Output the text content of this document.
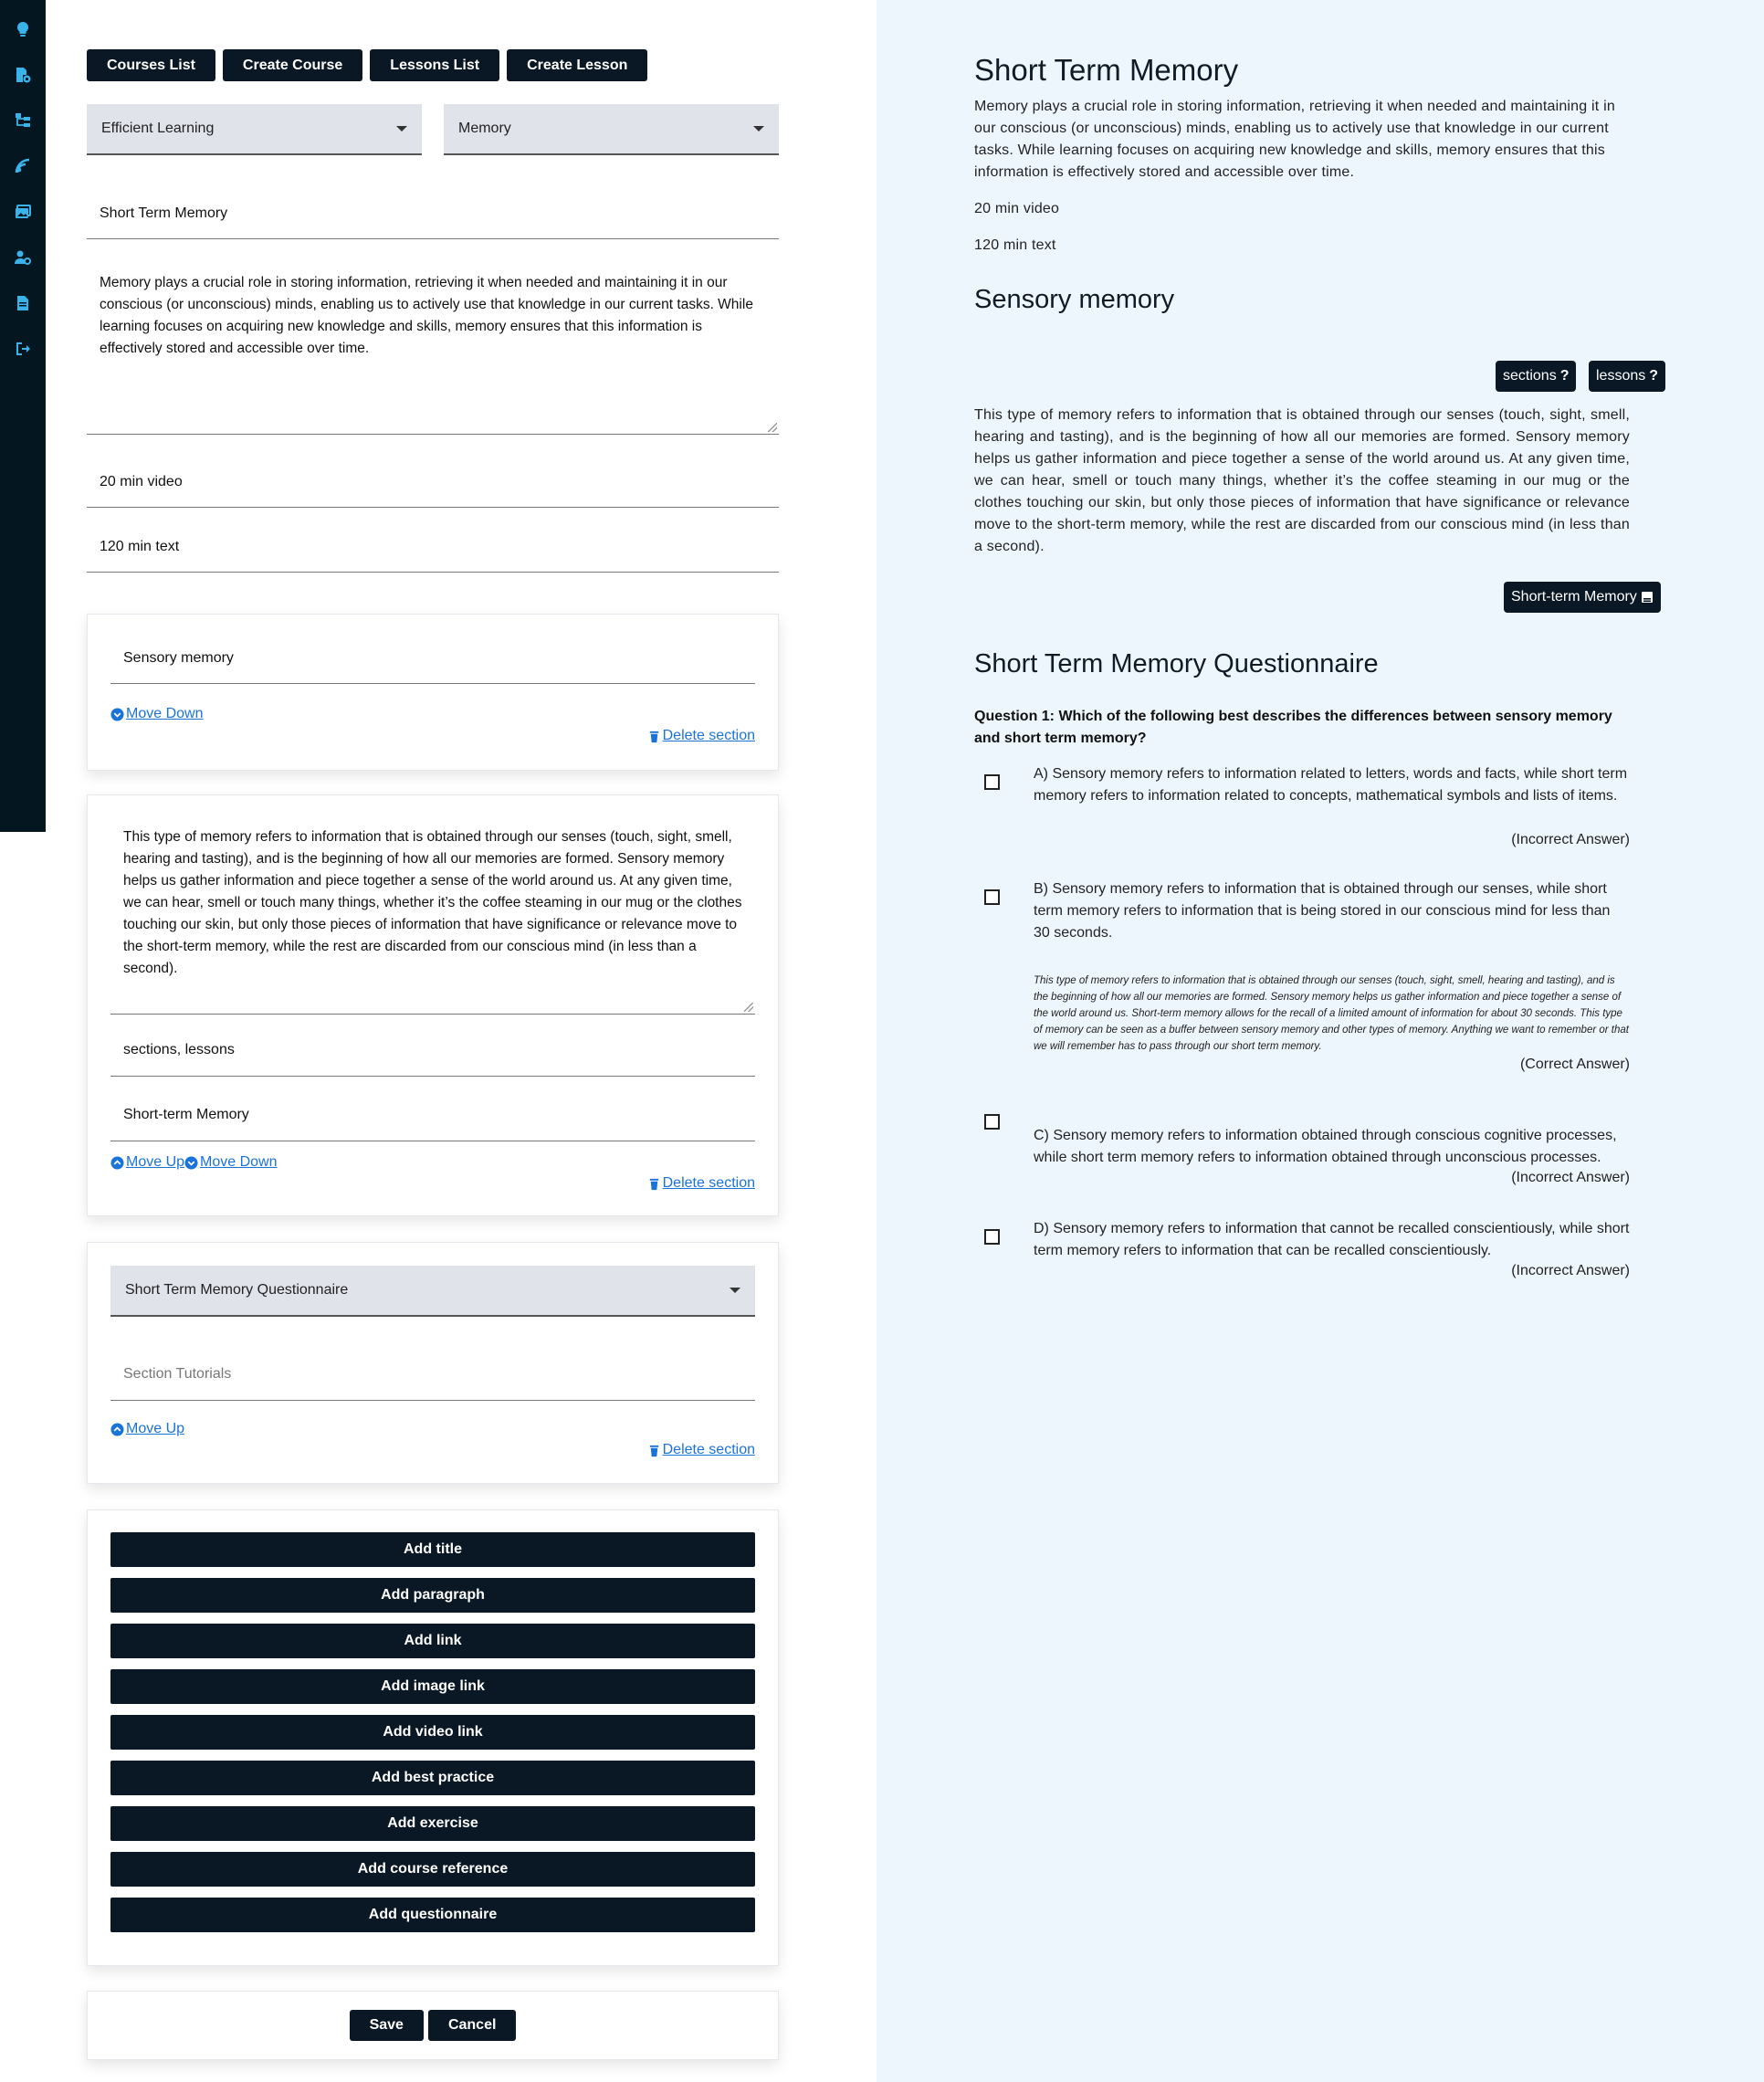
Courses List	Create Course	Lessons List	Create Lesson
Efficient Learning	Memory
Short Term Memory
Memory plays a crucial role in storing information, retrieving it when needed and maintaining it in our conscious (or unconscious) minds, enabling us to actively use that knowledge in our current tasks. While learning focuses on acquiring new knowledge and skills, memory ensures that this information is effectively stored and accessible over time.
20 min video
120 min text
Sensory memory
Move Down
Delete section
This type of memory refers to information that is obtained through our senses (touch, sight, smell, hearing and tasting), and is the beginning of how all our memories are formed. Sensory memory helps us gather information and piece together a sense of the world around us. At any given time, we can hear, smell or touch many things, whether it’s the coffee steaming in our mug or the clothes touching our skin, but only those pieces of information that have significance or relevance move to the short-term memory, while the rest are discarded from our conscious mind (in less than a second).
sections, lessons
Short-term Memory
Move Up Move Down
Delete section
Short Term Memory Questionnaire
Section Tutorials
Move Up
Delete section
Add title
Add paragraph
Add link
Add image link
Add video link
Add best practice
Add exercise
Add course reference
Add questionnaire
Save	Cancel
Short Term Memory

Memory plays a crucial role in storing information, retrieving it when needed and maintaining it in our conscious (or unconscious) minds, enabling us to actively use that knowledge in our current tasks. While learning focuses on acquiring new knowledge and skills, memory ensures that this information is effectively stored and accessible over time.

20 min video

120 min text

Sensory memory
sections ? lessons ?

This type of memory refers to information that is obtained through our senses (touch, sight, smell, hearing and tasting), and is the beginning of how all our memories are formed. Sensory memory helps us gather information and piece together a sense of the world around us. At any given time, we can hear, smell or touch many things, whether it’s the coffee steaming in our mug or the clothes touching our skin, but only those pieces of information that have significance or relevance move to the short-term memory, while the rest are discarded from our conscious mind (in less than a second).

Short-term Memory
Short Term Memory Questionnaire

Question 1: Which of the following best describes the differences between sensory memory and short term memory?

A) Sensory memory refers to information related to letters, words and facts, while short term memory refers to information related to concepts, mathematical symbols and lists of items.

(Incorrect Answer)

B) Sensory memory refers to information that is obtained through our senses, while short term memory refers to information that is being stored in our conscious mind for less than 30 seconds.

This type of memory refers to information that is obtained through our senses (touch, sight, smell, hearing and tasting), and is the beginning of how all our memories are formed. Sensory memory helps us gather information and piece together a sense of the world around us. Short-term memory allows for the recall of a limited amount of information for about 30 seconds. This type of memory can be seen as a buffer between sensory memory and other types of memory. Anything we want to remember or that we will remember has to pass through our short term memory.

(Correct Answer)

C) Sensory memory refers to information obtained through conscious cognitive processes, while short term memory refers to information obtained through unconscious processes.

(Incorrect Answer)

D) Sensory memory refers to information that cannot be recalled conscientiously, while short term memory refers to information that can be recalled conscientiously.

(Incorrect Answer)
